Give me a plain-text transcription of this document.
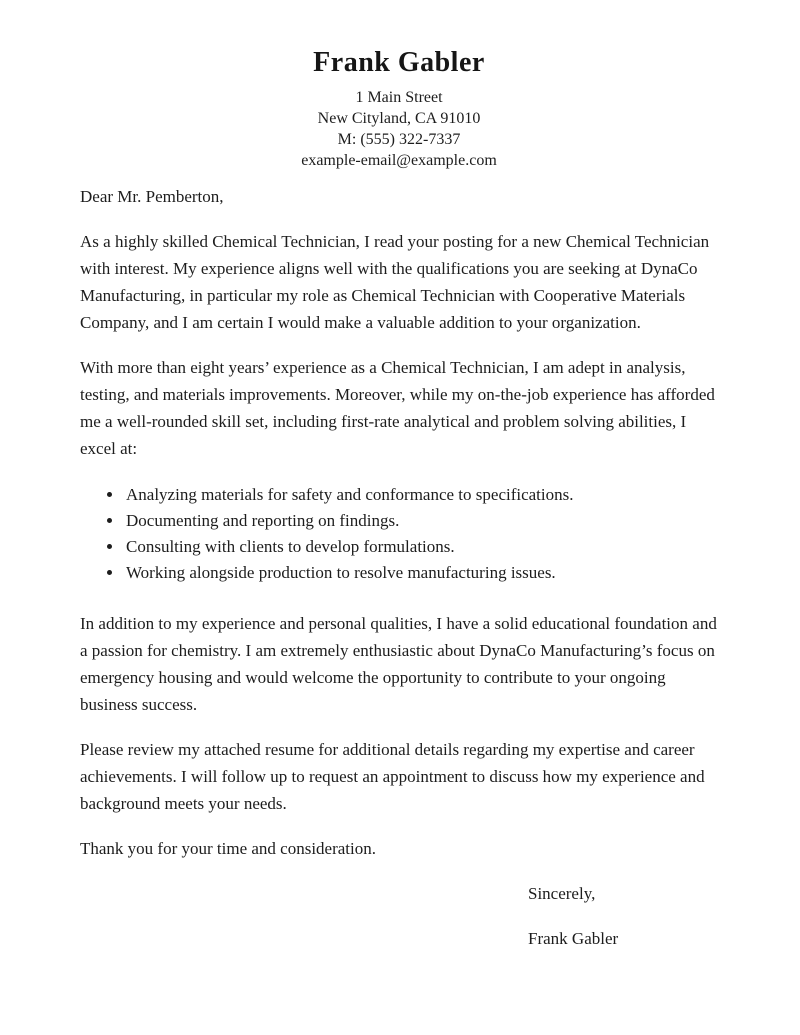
Frank Gabler
1 Main Street
New Cityland, CA 91010
M: (555) 322-7337
example-email@example.com

Dear Mr. Pemberton,

As a highly skilled Chemical Technician, I read your posting for a new Chemical Technician with interest. My experience aligns well with the qualifications you are seeking at DynaCo Manufacturing, in particular my role as Chemical Technician with Cooperative Materials Company, and I am certain I would make a valuable addition to your organization.

With more than eight years’ experience as a Chemical Technician, I am adept in analysis, testing, and materials improvements. Moreover, while my on-the-job experience has afforded me a well-rounded skill set, including first-rate analytical and problem solving abilities, I excel at:

• Analyzing materials for safety and conformance to specifications.
• Documenting and reporting on findings.
• Consulting with clients to develop formulations.
• Working alongside production to resolve manufacturing issues.

In addition to my experience and personal qualities, I have a solid educational foundation and a passion for chemistry. I am extremely enthusiastic about DynaCo Manufacturing’s focus on emergency housing and would welcome the opportunity to contribute to your ongoing business success.

Please review my attached resume for additional details regarding my expertise and career achievements. I will follow up to request an appointment to discuss how my experience and background meets your needs.

Thank you for your time and consideration.

Sincerely,

Frank Gabler
